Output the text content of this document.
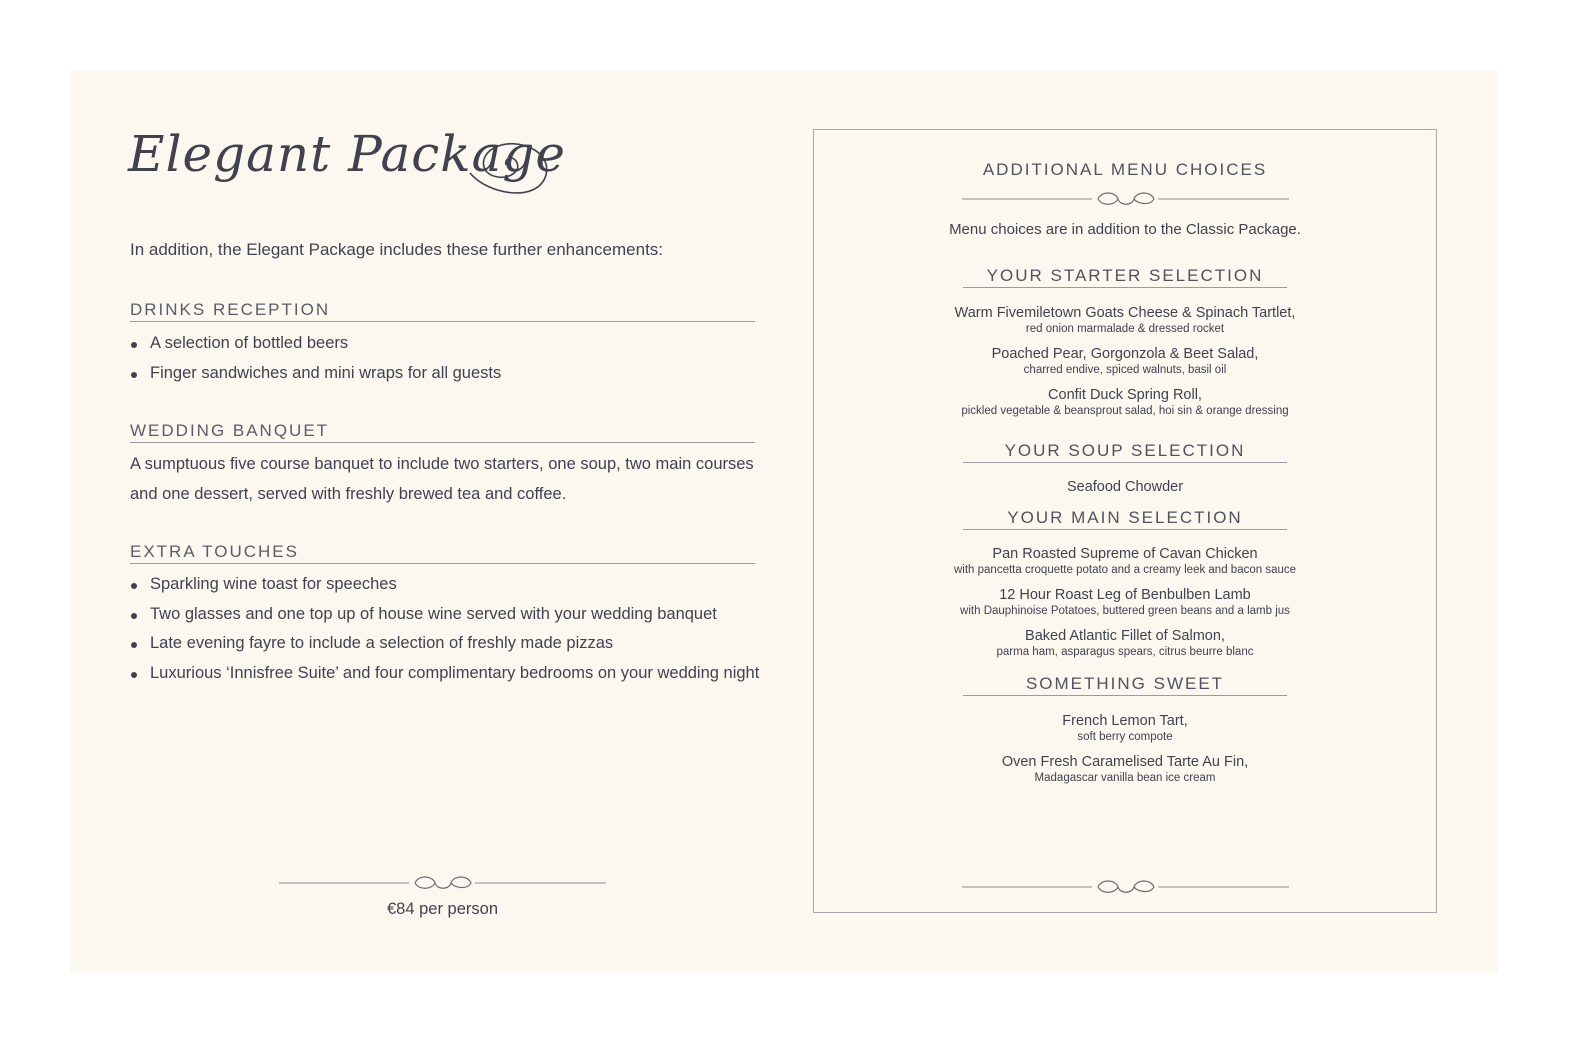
Elegant Package
In addition, the Elegant Package includes these further enhancements:
DRINKS RECEPTION
A selection of bottled beers
Finger sandwiches and mini wraps for all guests
WEDDING BANQUET
A sumptuous five course banquet to include two starters, one soup, two main courses and one dessert, served with freshly brewed tea and coffee.
EXTRA TOUCHES
Sparkling wine toast for speeches
Two glasses and one top up of house wine served with your wedding banquet
Late evening fayre to include a selection of freshly made pizzas
Luxurious ‘Innisfree Suite’ and four complimentary bedrooms on your wedding night
€84 per person
ADDITIONAL MENU CHOICES
Menu choices are in addition to the Classic Package.
YOUR STARTER SELECTION
Warm Fivemiletown Goats Cheese & Spinach Tartlet,
red onion marmalade & dressed rocket
Poached Pear, Gorgonzola & Beet Salad,
charred endive, spiced walnuts, basil oil
Confit Duck Spring Roll,
pickled vegetable & beansprout salad, hoi sin & orange dressing
YOUR SOUP SELECTION
Seafood Chowder
YOUR MAIN SELECTION
Pan Roasted Supreme of Cavan Chicken
with pancetta croquette potato and a creamy leek and bacon sauce
12 Hour Roast Leg of Benbulben Lamb
with Dauphinoise Potatoes, buttered green beans and a lamb jus
Baked Atlantic Fillet of Salmon,
parma ham, asparagus spears, citrus beurre blanc
SOMETHING SWEET
French Lemon Tart,
soft berry compote
Oven Fresh Caramelised Tarte Au Fin,
Madagascar vanilla bean ice cream
